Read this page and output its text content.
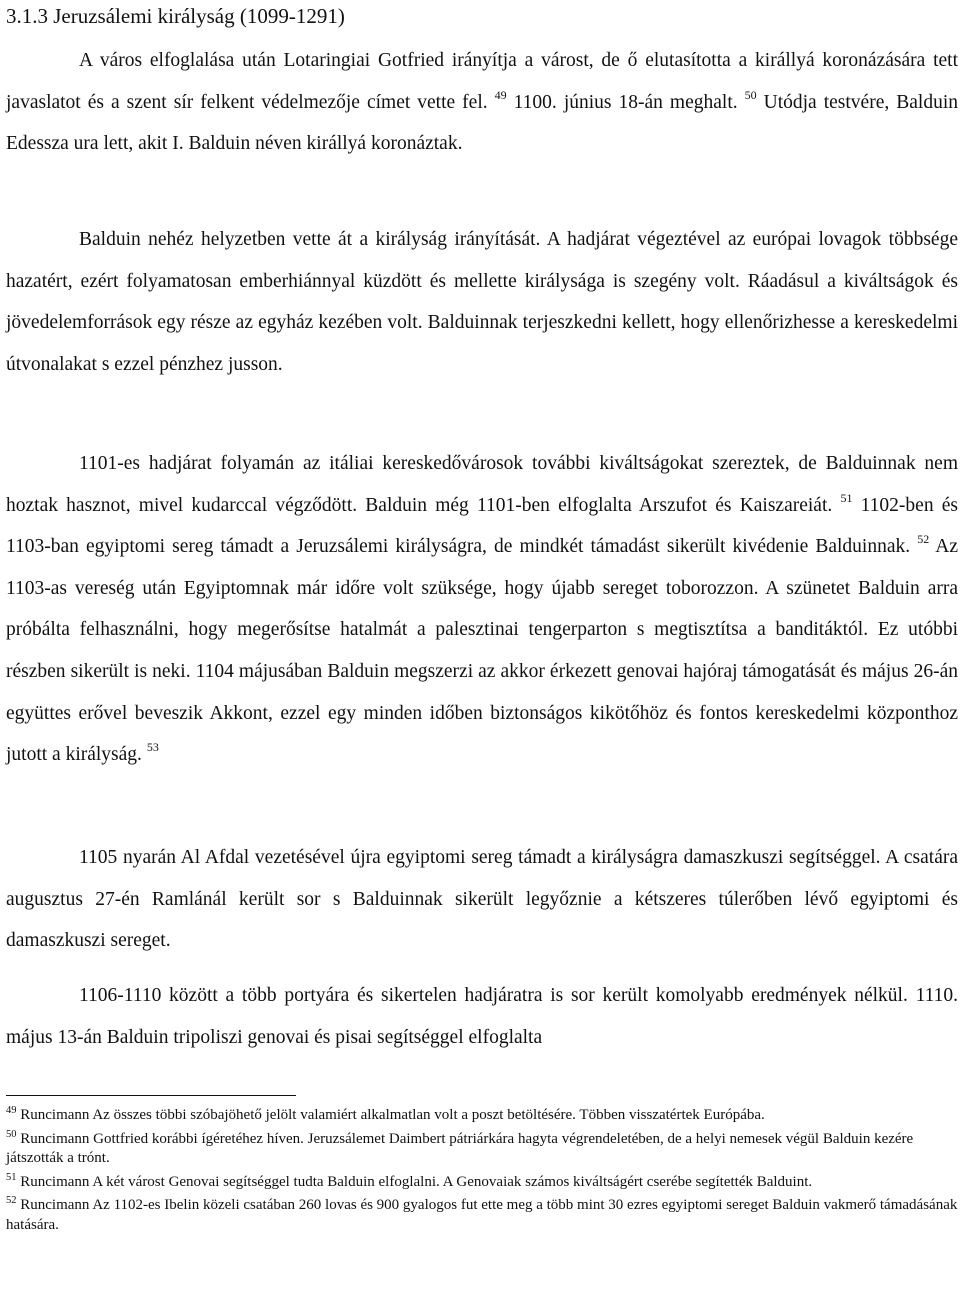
3.1.3 Jeruzsálemi királyság (1099-1291)

A város elfoglalása után Lotaringiai Gotfried irányítja a várost, de ő elutasította a királlyá koronázására tett javaslatot és a szent sír felkent védelmezője címet vette fel. $^{49}$ 1100. június 18-án meghalt. $^{50}$ Utódja testvére, Balduin Edessza ura lett, akit I. Balduin néven királlyá koronáztak.

Balduin nehéz helyzetben vette át a királyság irányítását. A hadjárat végeztével az európai lovagok többsége hazatért, ezért folyamatosan emberhiánnyal küzdött és mellette királysága is szegény volt. Ráadásul a kiváltságok és jövedelemforrások egy része az egyház kezében volt. Balduinnak terjeszkedni kellett, hogy ellenőrizhesse a kereskedelmi útvonalakat s ezzel pénzhez jusson.

1101-es hadjárat folyamán az itáliai kereskedővárosok további kiváltságokat szereztek, de Balduinnak nem hoztak hasznot, mivel kudarccal végződött. Balduin még 1101-ben elfoglalta Arszufot és Kaiszareiát. $^{51}$ 1102-ben és 1103-ban egyiptomi sereg támadt a Jeruzsálemi királyságra, de mindkét támadást sikerült kivédenie Balduinnak. $^{52}$ Az 1103-as vereség után Egyiptomnak már időre volt szüksége, hogy újabb sereget toborozzon. A szünetet Balduin arra próbálta felhasználni, hogy megerősítse hatalmát a palesztinai tengerparton s megtisztítsa a banditáktól. Ez utóbbi részben sikerült is neki. 1104 májusában Balduin megszerzi az akkor érkezett genovai hajóraj támogatását és május 26-án együttes erővel beveszik Akkont, ezzel egy minden időben biztonságos kikötőhöz és fontos kereskedelmi központhoz jutott a királyság. $^{53}$

1105 nyarán Al Afdal vezetésével újra egyiptomi sereg támadt a királyságra damaszkuszi segítséggel. A csatára augusztus 27-én Ramlánál került sor s Balduinnak sikerült legyőznie a kétszeres túlerőben lévő egyiptomi és damaszkuszi sereget.

1106-1110 között a több portyára és sikertelen hadjáratra is sor került komolyabb eredmények nélkül. 1110. május 13-án Balduin tripoliszi genovai és pisai segítséggel elfoglalta

$^{49}$ Runcimann Az összes többi szóbajöhető jelölt valamiért alkalmatlan volt a poszt betöltésére. Többen visszatértek Európába.

$^{50}$ Runcimann Gottfried korábbi ígéretéhez híven. Jeruzsálemet Daimbert pátriárkára hagyta végrendeletében, de a helyi nemesek végül Balduin kezére játszották a trónt.

$^{51}$ Runcimann A két várost Genovai segítséggel tudta Balduin elfoglalni. A Genovaiak számos kiváltságért cserébe segítették Balduint.

$^{52}$ Runcimann Az 1102-es Ibelin közeli csatában 260 lovas és 900 gyalogos fut ette meg a több mint 30 ezres egyiptomi sereget Balduin vakmerő támadásának hatására.
